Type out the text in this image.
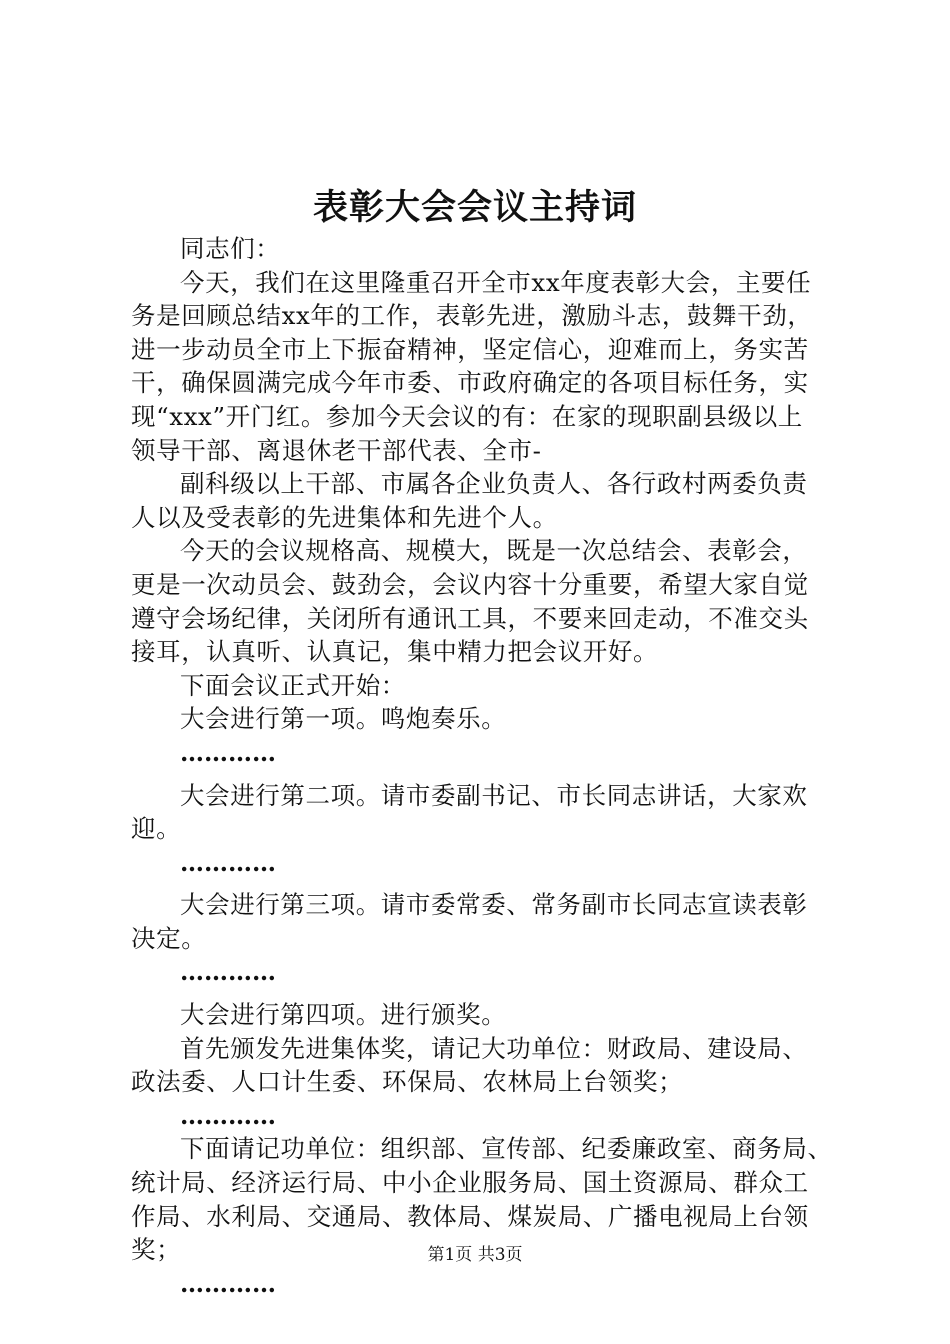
表彰大会会议主持词
同志们：
今天，我们在这里隆重召开全市xx年度表彰大会，主要任
务是回顾总结xx年的工作，表彰先进，激励斗志，鼓舞干劲，
进一步动员全市上下振奋精神，坚定信心，迎难而上，务实苦
干，确保圆满完成今年市委、市政府确定的各项目标任务，实
现“xxx”开门红。参加今天会议的有：在家的现职副县级以上
领导干部、离退休老干部代表、全市-
副科级以上干部、市属各企业负责人、各行政村两委负责
人以及受表彰的先进集体和先进个人。
今天的会议规格高、规模大，既是一次总结会、表彰会，
更是一次动员会、鼓劲会，会议内容十分重要，希望大家自觉
遵守会场纪律，关闭所有通讯工具，不要来回走动，不准交头
接耳，认真听、认真记，集中精力把会议开好。
下面会议正式开始：
大会进行第一项。鸣炮奏乐。
…………
大会进行第二项。请市委副书记、市长同志讲话，大家欢
迎。
…………
大会进行第三项。请市委常委、常务副市长同志宣读表彰
决定。
…………
大会进行第四项。进行颁奖。
首先颁发先进集体奖，请记大功单位：财政局、建设局、
政法委、人口计生委、环保局、农林局上台领奖；
…………
下面请记功单位：组织部、宣传部、纪委廉政室、商务局、
统计局、经济运行局、中小企业服务局、国土资源局、群众工
作局、水利局、交通局、教体局、煤炭局、广播电视局上台领
奖；
…………
第1页 共3页
